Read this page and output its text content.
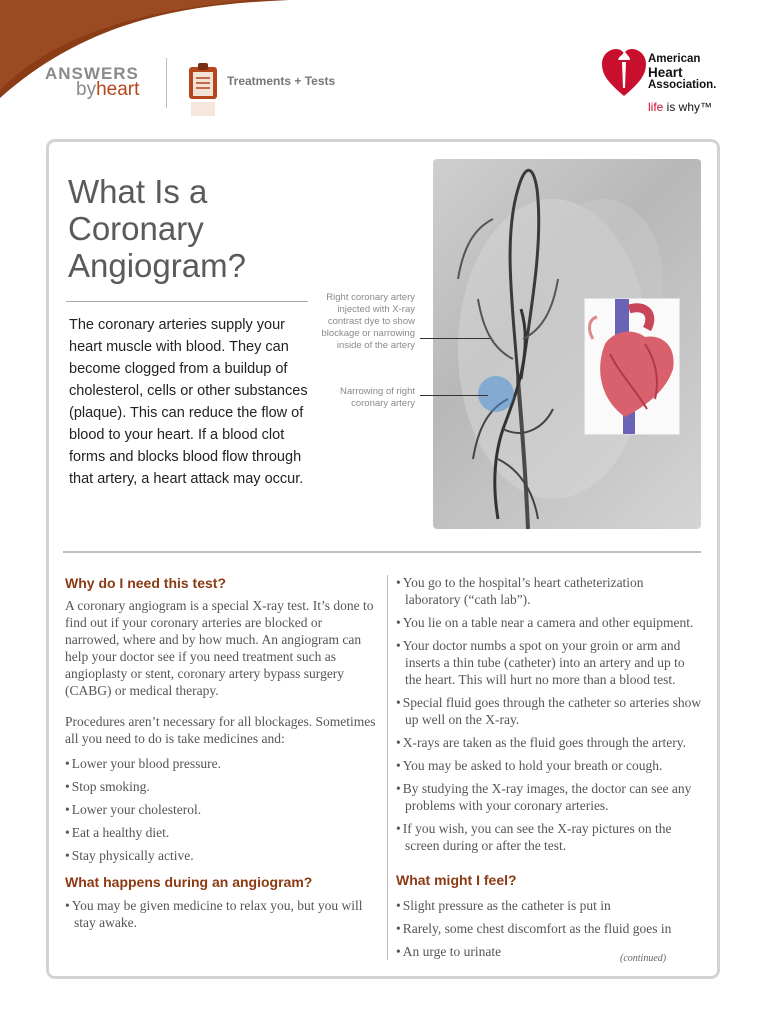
ANSWERS
byheart	Treatments + Tests
American
Heart
Association.
life is why™
What Is a
Coronary
Angiogram?
The coronary arteries supply your heart muscle with blood. They can become clogged from a buildup of cholesterol, cells or other substances (plaque). This can reduce the flow of blood to your heart. If a blood clot forms and blocks blood flow through that artery, a heart attack may occur.
Right coronary artery injected with X-ray contrast dye to show blockage or narrowing inside of the artery
Narrowing of right coronary artery
Why do I need this test?
A coronary angiogram is a special X-ray test. It’s done to find out if your coronary arteries are blocked or narrowed, where and by how much. An angiogram can help your doctor see if you need treatment such as angioplasty or stent, coronary artery bypass surgery (CABG) or medical therapy.
Procedures aren’t necessary for all blockages. Sometimes all you need to do is take medicines and:
• Lower your blood pressure.
• Stop smoking.
• Lower your cholesterol.
• Eat a healthy diet.
• Stay physically active.
What happens during an angiogram?
• You may be given medicine to relax you, but you will stay awake.
• You go to the hospital’s heart catheterization laboratory (“cath lab”).
• You lie on a table near a camera and other equipment.
• Your doctor numbs a spot on your groin or arm and inserts a thin tube (catheter) into an artery and up to the heart. This will hurt no more than a blood test.
• Special fluid goes through the catheter so arteries show up well on the X-ray.
• X-rays are taken as the fluid goes through the artery.
• You may be asked to hold your breath or cough.
• By studying the X-ray images, the doctor can see any problems with your coronary arteries.
• If you wish, you can see the X-ray pictures on the screen during or after the test.
What might I feel?
• Slight pressure as the catheter is put in
• Rarely, some chest discomfort as the fluid goes in
• An urge to urinate	(continued)
